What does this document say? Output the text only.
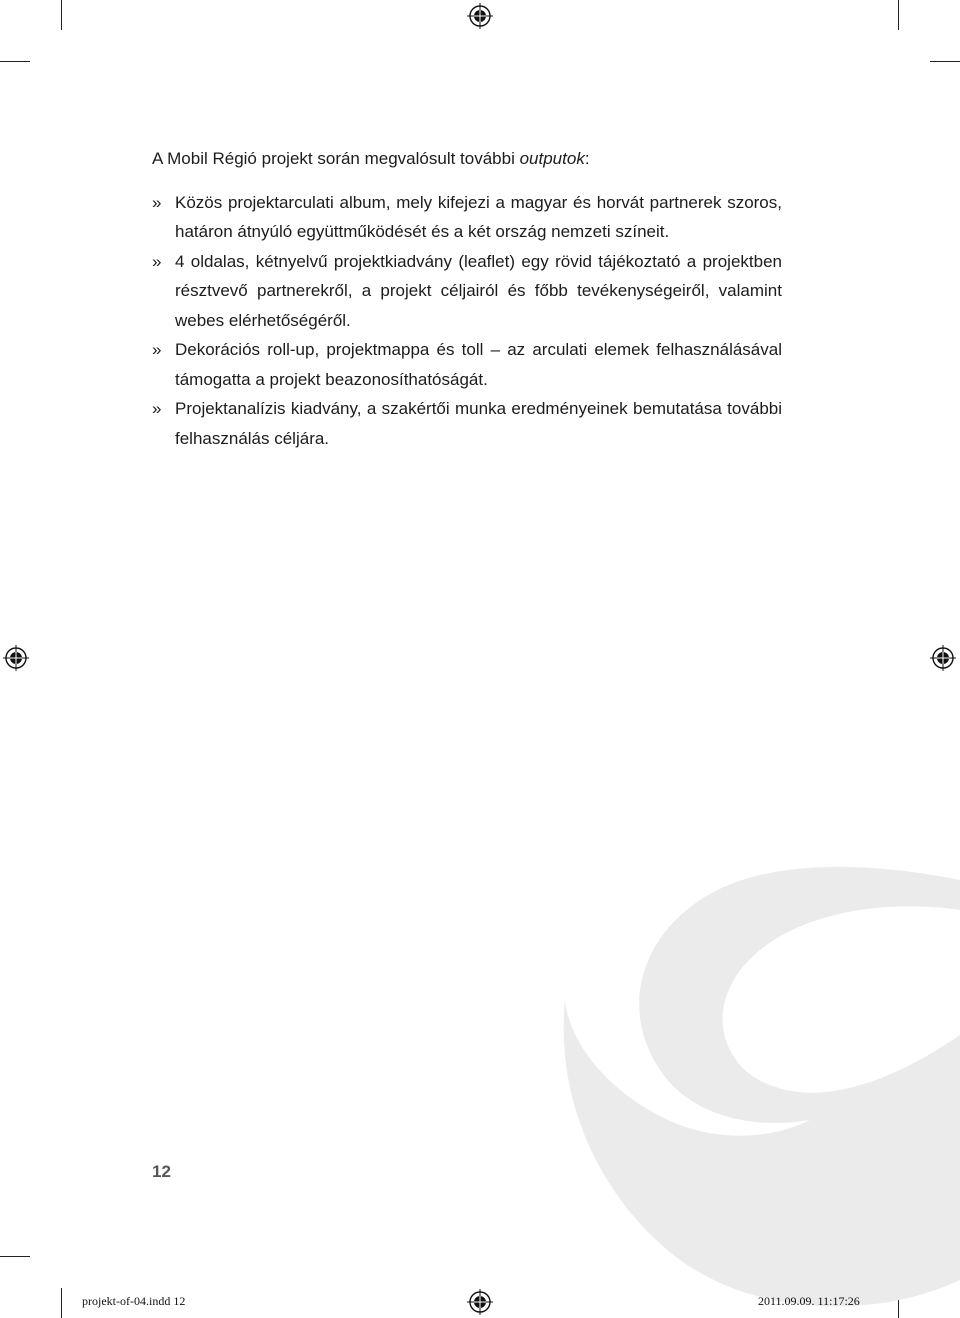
A Mobil Régió projekt során megvalósult további outputok:

» Közös projektarculati album, mely kifejezi a magyar és horvát partnerek szoros, határon átnyúló együttműködését és a két ország nemzeti színeit.
» 4 oldalas, kétnyelvű projektkiadvány (leaflet) egy rövid tájékoztató a projektben résztvevő partnerekről, a projekt céljairól és főbb tevékenységeiről, valamint webes elérhetőségéről.
» Dekorációs roll-up, projektmappa és toll – az arculati elemek felhasználásával támogatta a projekt beazonosíthatóságát.
» Projektanalízis kiadvány, a szakértői munka eredményeinek bemutatása további felhasználás céljára.
12
projekt-of-04.indd 12	2011.09.09. 11:17:26
